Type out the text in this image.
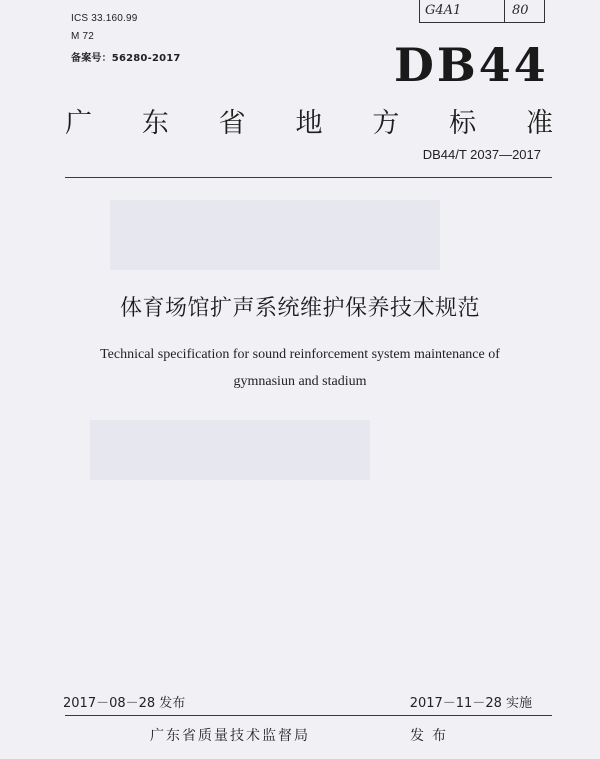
G4A1	80
ICS 33.160.99
M 72
备案号：56280-2017	DB44
广 东 省 地 方 标 准
DB44/T 2037—2017
体育场馆扩声系统维护保养技术规范
Technical specification for sound reinforcement system maintenance of
gymnasiun and stadium
2017－08－28 发布	2017－11－28 实施
广东省质量技术监督局	发布
